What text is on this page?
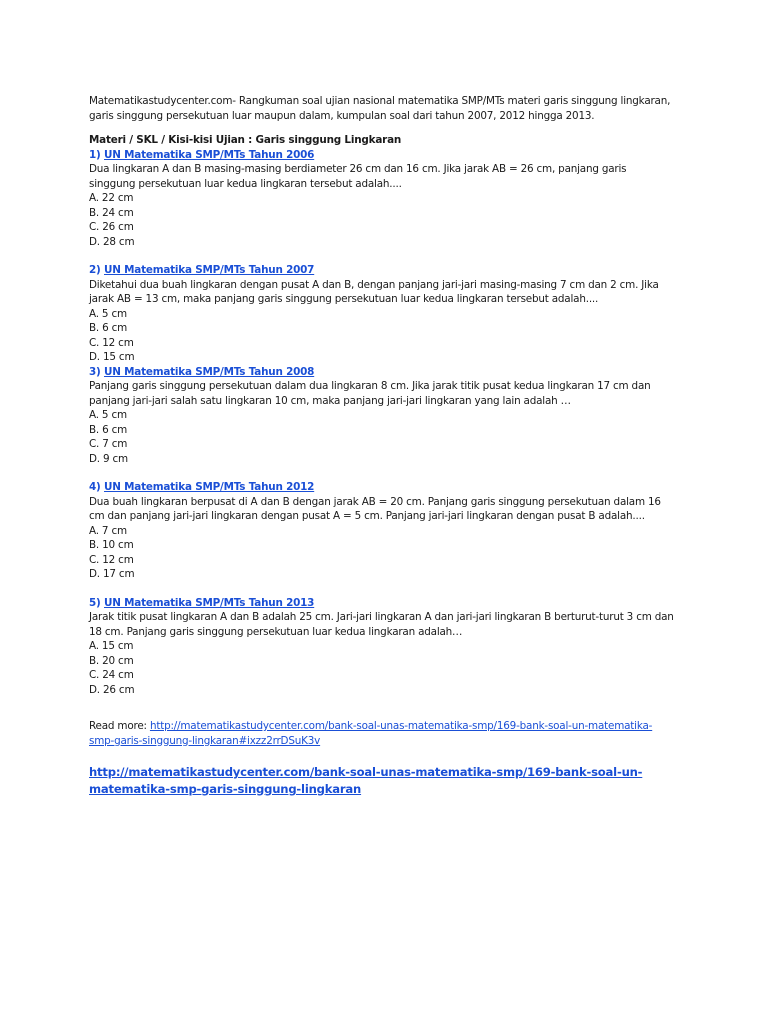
Matematikastudycenter.com- Rangkuman soal ujian nasional matematika SMP/MTs materi garis singgung lingkaran, garis singgung persekutuan luar maupun dalam, kumpulan soal dari tahun 2007, 2012 hingga 2013.

Materi / SKL / Kisi-kisi Ujian : Garis singgung Lingkaran

1) UN Matematika SMP/MTs Tahun 2006

Dua lingkaran A dan B masing-masing berdiameter 26 cm dan 16 cm. Jika jarak AB = 26 cm, panjang garis singgung persekutuan luar kedua lingkaran tersebut adalah....

A. 22 cm
B. 24 cm
C. 26 cm
D. 28 cm

2) UN Matematika SMP/MTs Tahun 2007

Diketahui dua buah lingkaran dengan pusat A dan B, dengan panjang jari-jari masing-masing 7 cm dan 2 cm. Jika jarak AB = 13 cm, maka panjang garis singgung persekutuan luar kedua lingkaran tersebut adalah....

A. 5 cm
B. 6 cm
C. 12 cm
D. 15 cm

3) UN Matematika SMP/MTs Tahun 2008

Panjang garis singgung persekutuan dalam dua lingkaran 8 cm. Jika jarak titik pusat kedua lingkaran 17 cm dan panjang jari-jari salah satu lingkaran 10 cm, maka panjang jari-jari lingkaran yang lain adalah …

A. 5 cm
B. 6 cm
C. 7 cm
D. 9 cm

4) UN Matematika SMP/MTs Tahun 2012

Dua buah lingkaran berpusat di A dan B dengan jarak AB = 20 cm. Panjang garis singgung persekutuan dalam 16 cm dan panjang jari-jari lingkaran dengan pusat A = 5 cm. Panjang jari-jari lingkaran dengan pusat B adalah....

A. 7 cm
B. 10 cm
C. 12 cm
D. 17 cm

5) UN Matematika SMP/MTs Tahun 2013

Jarak titik pusat lingkaran A dan B adalah 25 cm. Jari-jari lingkaran A dan jari-jari lingkaran B berturut-turut 3 cm dan 18 cm. Panjang garis singgung persekutuan luar kedua lingkaran adalah…

A. 15 cm
B. 20 cm
C. 24 cm
D. 26 cm

Read more: http://matematikastudycenter.com/bank-soal-unas-matematika-smp/169-bank-soal-un-matematika-smp-garis-singgung-lingkaran#ixzz2rrDSuK3v

http://matematikastudycenter.com/bank-soal-unas-matematika-smp/169-bank-soal-un-matematika-smp-garis-singgung-lingkaran
